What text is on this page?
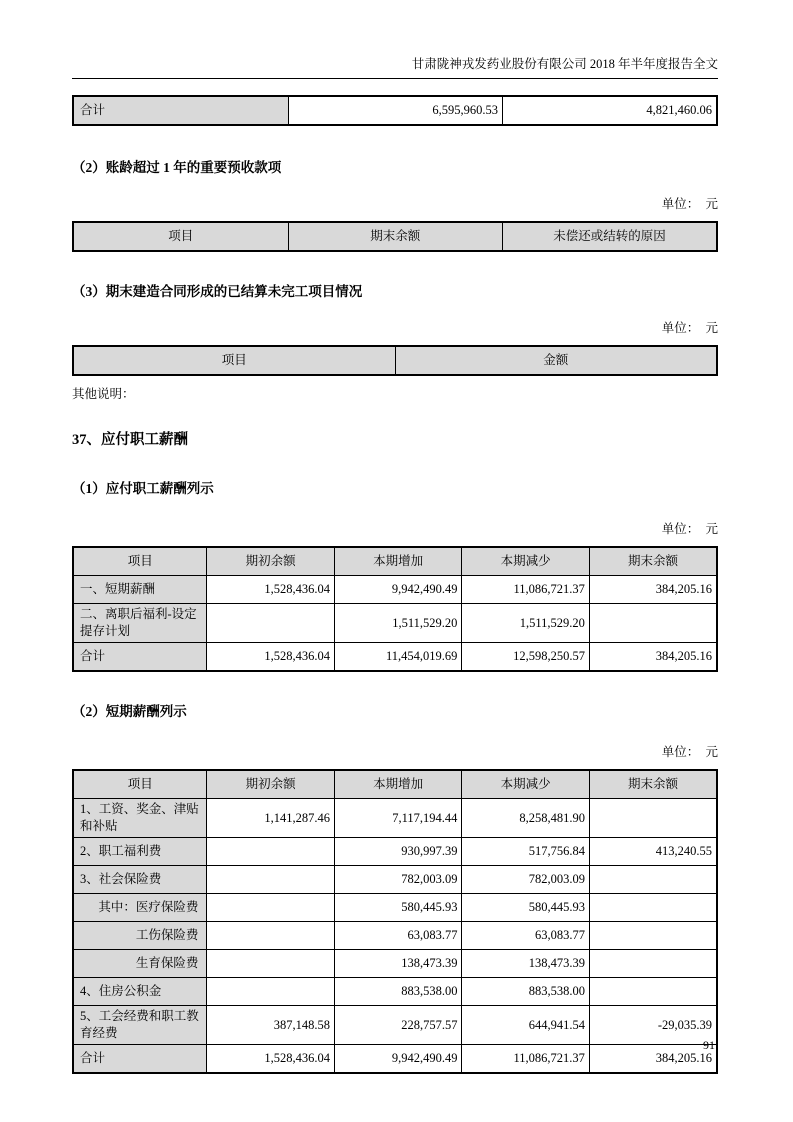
甘肃陇神戎发药业股份有限公司 2018 年半年度报告全文
合计	6,595,960.53	4,821,460.06

（2）账龄超过 1 年的重要预收款项

单位：  元
项目	期末余额	未偿还或结转的原因

（3）期末建造合同形成的已结算未完工项目情况

单位：  元
项目	金额
其他说明：

37、应付职工薪酬

（1）应付职工薪酬列示

单位：  元
项目	期初余额	本期增加	本期减少	期末余额
一、短期薪酬	1,528,436.04	9,942,490.49	11,086,721.37	384,205.16
二、离职后福利-设定提存计划		1,511,529.20	1,511,529.20	
合计	1,528,436.04	11,454,019.69	12,598,250.57	384,205.16

（2）短期薪酬列示

单位：  元
项目	期初余额	本期增加	本期减少	期末余额
1、工资、奖金、津贴和补贴	1,141,287.46	7,117,194.44	8,258,481.90	
2、职工福利费		930,997.39	517,756.84	413,240.55
3、社会保险费		782,003.09	782,003.09	
其中：医疗保险费		580,445.93	580,445.93	
工伤保险费		63,083.77	63,083.77	
生育保险费		138,473.39	138,473.39	
4、住房公积金		883,538.00	883,538.00	
5、工会经费和职工教育经费	387,148.58	228,757.57	644,941.54	-29,035.39
合计	1,528,436.04	9,942,490.49	11,086,721.37	384,205.16
91
